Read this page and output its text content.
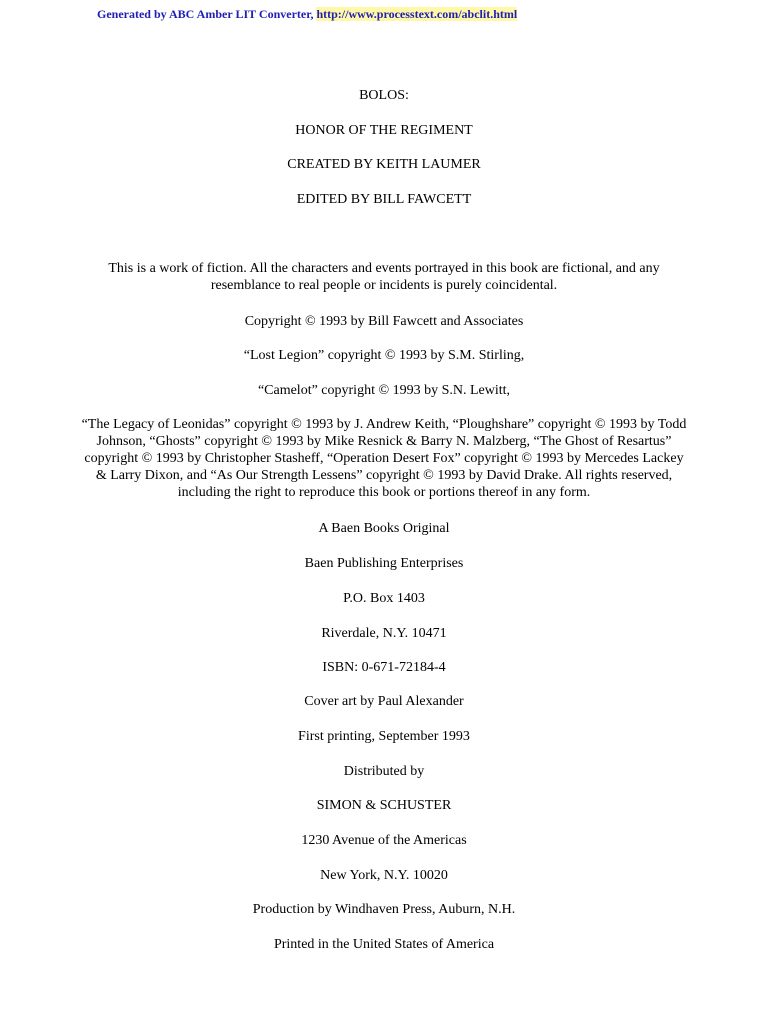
Generated by ABC Amber LIT Converter, http://www.processtext.com/abclit.html
BOLOS:
HONOR OF THE REGIMENT
CREATED BY KEITH LAUMER
EDITED BY BILL FAWCETT
This is a work of fiction. All the characters and events portrayed in this book are fictional, and any resemblance to real people or incidents is purely coincidental.
Copyright © 1993 by Bill Fawcett and Associates
“Lost Legion” copyright © 1993 by S.M. Stirling,
“Camelot” copyright © 1993 by S.N. Lewitt,
“The Legacy of Leonidas” copyright © 1993 by J. Andrew Keith, “Ploughshare” copyright © 1993 by Todd Johnson, “Ghosts” copyright © 1993 by Mike Resnick & Barry N. Malzberg, “The Ghost of Resartus” copyright © 1993 by Christopher Stasheff, “Operation Desert Fox” copyright © 1993 by Mercedes Lackey & Larry Dixon, and “As Our Strength Lessens” copyright © 1993 by David Drake. All rights reserved, including the right to reproduce this book or portions thereof in any form.
A Baen Books Original
Baen Publishing Enterprises
P.O. Box 1403
Riverdale, N.Y. 10471
ISBN: 0-671-72184-4
Cover art by Paul Alexander
First printing, September 1993
Distributed by
SIMON & SCHUSTER
1230 Avenue of the Americas
New York, N.Y. 10020
Production by Windhaven Press, Auburn, N.H.
Printed in the United States of America
